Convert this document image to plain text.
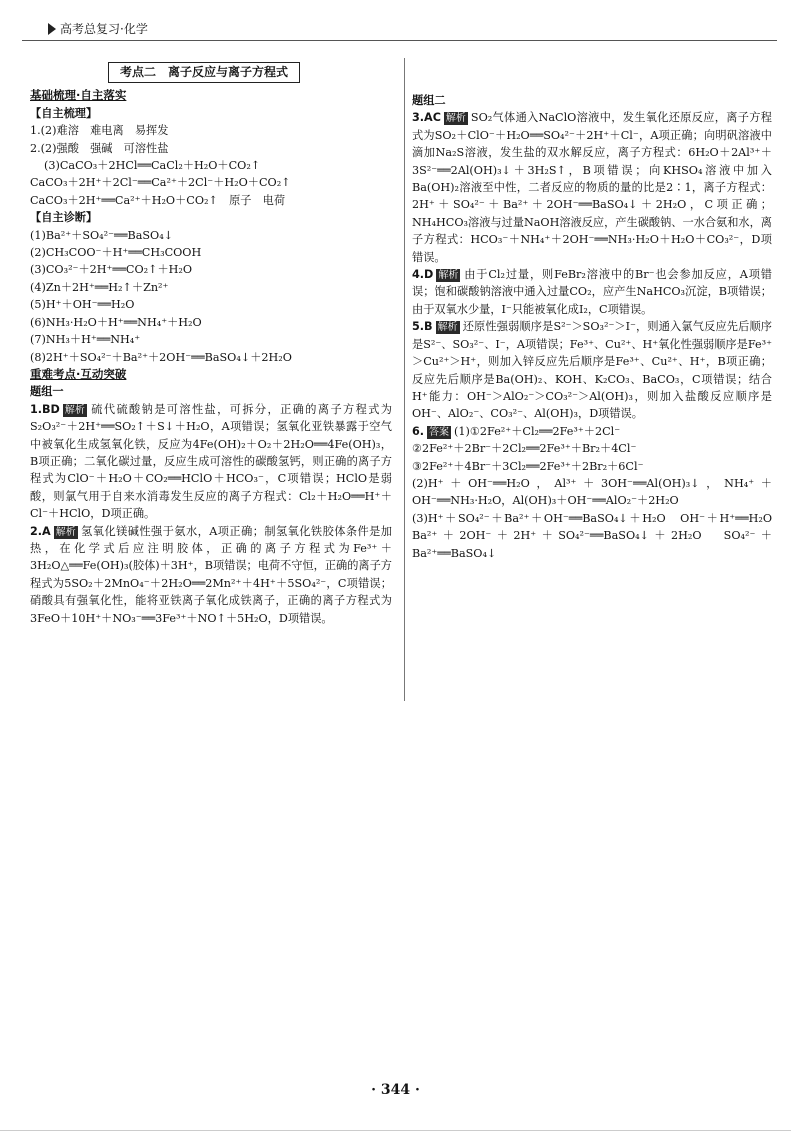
高考总复习·化学
考点二　离子反应与离子方程式
基础梳理·自主落实
【自主梳理】
1.(2)难溶　难电离　易挥发
2.(2)强酸　强碱　可溶性盐
(3)CaCO₃＋2HCl══CaCl₂＋H₂O＋CO₂↑
CaCO₃＋2H⁺＋2Cl⁻══Ca²⁺＋2Cl⁻＋H₂O＋CO₂↑
CaCO₃＋2H⁺══Ca²⁺＋H₂O＋CO₂↑　原子　电荷
【自主诊断】
(1)Ba²⁺＋SO₄²⁻══BaSO₄↓
(2)CH₃COO⁻＋H⁺══CH₃COOH
(3)CO₃²⁻＋2H⁺══CO₂↑＋H₂O
(4)Zn＋2H⁺══H₂↑＋Zn²⁺
(5)H⁺＋OH⁻══H₂O
(6)NH₃·H₂O＋H⁺══NH₄⁺＋H₂O
(7)NH₃＋H⁺══NH₄⁺
(8)2H⁺＋SO₄²⁻＋Ba²⁺＋2OH⁻══BaSO₄↓＋2H₂O
重难考点·互动突破
题组一
1.BD 解析 硫代硫酸钠是可溶性盐，可拆分，正确的离子方程式为S₂O₃²⁻＋2H⁺══SO₂↑＋S↓＋H₂O，A项错误；氢氧化亚铁暴露于空气中被氧化生成氢氧化铁，反应为4Fe(OH)₂＋O₂＋2H₂O══4Fe(OH)₃，B项正确；二氧化碳过量，反应生成可溶性的碳酸氢钙，则正确的离子方程式为ClO⁻＋H₂O＋CO₂══HClO＋HCO₃⁻，C项错误；HClO是弱酸，则氯气用于自来水消毒发生反应的离子方程式：Cl₂＋H₂O══H⁺＋Cl⁻＋HClO，D项正确。
2.A 解析 氢氧化镁碱性强于氨水，A项正确；制氢氧化铁胶体条件是加热，在化学式后应注明胶体，正确的离子方程式为Fe³⁺＋3H₂O△══Fe(OH)₃(胶体)＋3H⁺，B项错误；电荷不守恒，正确的离子方程式为5SO₂＋2MnO₄⁻＋2H₂O══2Mn²⁺＋4H⁺＋5SO₄²⁻，C项错误；硝酸具有强氧化性，能将亚铁离子氧化成铁离子，正确的离子方程式为3FeO＋10H⁺＋NO₃⁻══3Fe³⁺＋NO↑＋5H₂O，D项错误。
题组二
3.AC 解析 SO₂气体通入NaClO溶液中，发生氧化还原反应，离子方程式为SO₂＋ClO⁻＋H₂O══SO₄²⁻＋2H⁺＋Cl⁻，A项正确；向明矾溶液中滴加Na₂S溶液，发生盐的双水解反应，离子方程式：6H₂O＋2Al³⁺＋3S²⁻══2Al(OH)₃↓＋3H₂S↑，B项错误；向KHSO₄溶液中加入Ba(OH)₂溶液至中性，二者反应的物质的量的比是2∶1，离子方程式：2H⁺＋SO₄²⁻＋Ba²⁺＋2OH⁻══BaSO₄↓＋2H₂O，C项正确；NH₄HCO₃溶液与过量NaOH溶液反应，产生碳酸钠、一水合氨和水，离子方程式：HCO₃⁻＋NH₄⁺＋2OH⁻══NH₃·H₂O＋H₂O＋CO₃²⁻，D项错误。
4.D 解析 由于Cl₂过量，则FeBr₂溶液中的Br⁻也会参加反应，A项错误；饱和碳酸钠溶液中通入过量CO₂，应产生NaHCO₃沉淀，B项错误；由于双氧水少量，I⁻只能被氧化成I₂，C项错误。
5.B 解析 还原性强弱顺序是S²⁻＞SO₃²⁻＞I⁻，则通入氯气反应先后顺序是S²⁻、SO₃²⁻、I⁻，A项错误；Fe³⁺、Cu²⁺、H⁺氧化性强弱顺序是Fe³⁺＞Cu²⁺＞H⁺，则加入锌反应先后顺序是Fe³⁺、Cu²⁺、H⁺，B项正确；反应先后顺序是Ba(OH)₂、KOH、K₂CO₃、BaCO₃，C项错误；结合H⁺能力：OH⁻＞AlO₂⁻＞CO₃²⁻＞Al(OH)₃，则加入盐酸反应顺序是OH⁻、AlO₂⁻、CO₃²⁻、Al(OH)₃，D项错误。
6. 答案 (1)①2Fe²⁺＋Cl₂══2Fe³⁺＋2Cl⁻
②2Fe²⁺＋2Br⁻＋2Cl₂══2Fe³⁺＋Br₂＋4Cl⁻
③2Fe²⁺＋4Br⁻＋3Cl₂══2Fe³⁺＋2Br₂＋6Cl⁻
(2)H⁺＋OH⁻══H₂O，Al³⁺＋3OH⁻══Al(OH)₃↓，NH₄⁺＋OH⁻══NH₃·H₂O，Al(OH)₃＋OH⁻══AlO₂⁻＋2H₂O
(3)H⁺＋SO₄²⁻＋Ba²⁺＋OH⁻══BaSO₄↓＋H₂O　OH⁻＋H⁺══H₂O　Ba²⁺＋2OH⁻＋2H⁺＋SO₄²⁻══BaSO₄↓＋2H₂O　SO₄²⁻＋Ba²⁺══BaSO₄↓
· 344 ·
